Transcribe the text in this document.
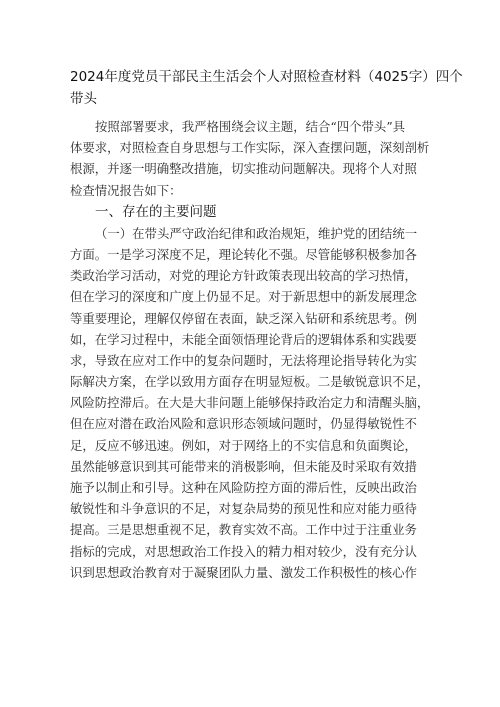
2024年度党员干部民主生活会个人对照检查材料（4025字）四个
带头
按照部署要求，我严格围绕会议主题，结合“四个带头”具
体要求，对照检查自身思想与工作实际，深入查摆问题，深刻剖析
根源，并逐一明确整改措施，切实推动问题解决。现将个人对照
检查情况报告如下：
一、存在的主要问题
（一）在带头严守政治纪律和政治规矩，维护党的团结统一
方面。一是学习深度不足，理论转化不强。尽管能够积极参加各
类政治学习活动，对党的理论方针政策表现出较高的学习热情，
但在学习的深度和广度上仍显不足。对于新思想中的新发展理念
等重要理论，理解仅停留在表面，缺乏深入钻研和系统思考。例
如，在学习过程中，未能全面领悟理论背后的逻辑体系和实践要
求，导致在应对工作中的复杂问题时，无法将理论指导转化为实
际解决方案，在学以致用方面存在明显短板。二是敏锐意识不足，
风险防控滞后。在大是大非问题上能够保持政治定力和清醒头脑，
但在应对潜在政治风险和意识形态领域问题时，仍显得敏锐性不
足，反应不够迅速。例如，对于网络上的不实信息和负面舆论，
虽然能够意识到其可能带来的消极影响，但未能及时采取有效措
施予以制止和引导。这种在风险防控方面的滞后性，反映出政治
敏锐性和斗争意识的不足，对复杂局势的预见性和应对能力亟待
提高。三是思想重视不足，教育实效不高。工作中过于注重业务
指标的完成，对思想政治工作投入的精力相对较少，没有充分认
识到思想政治教育对于凝聚团队力量、激发工作积极性的核心作
